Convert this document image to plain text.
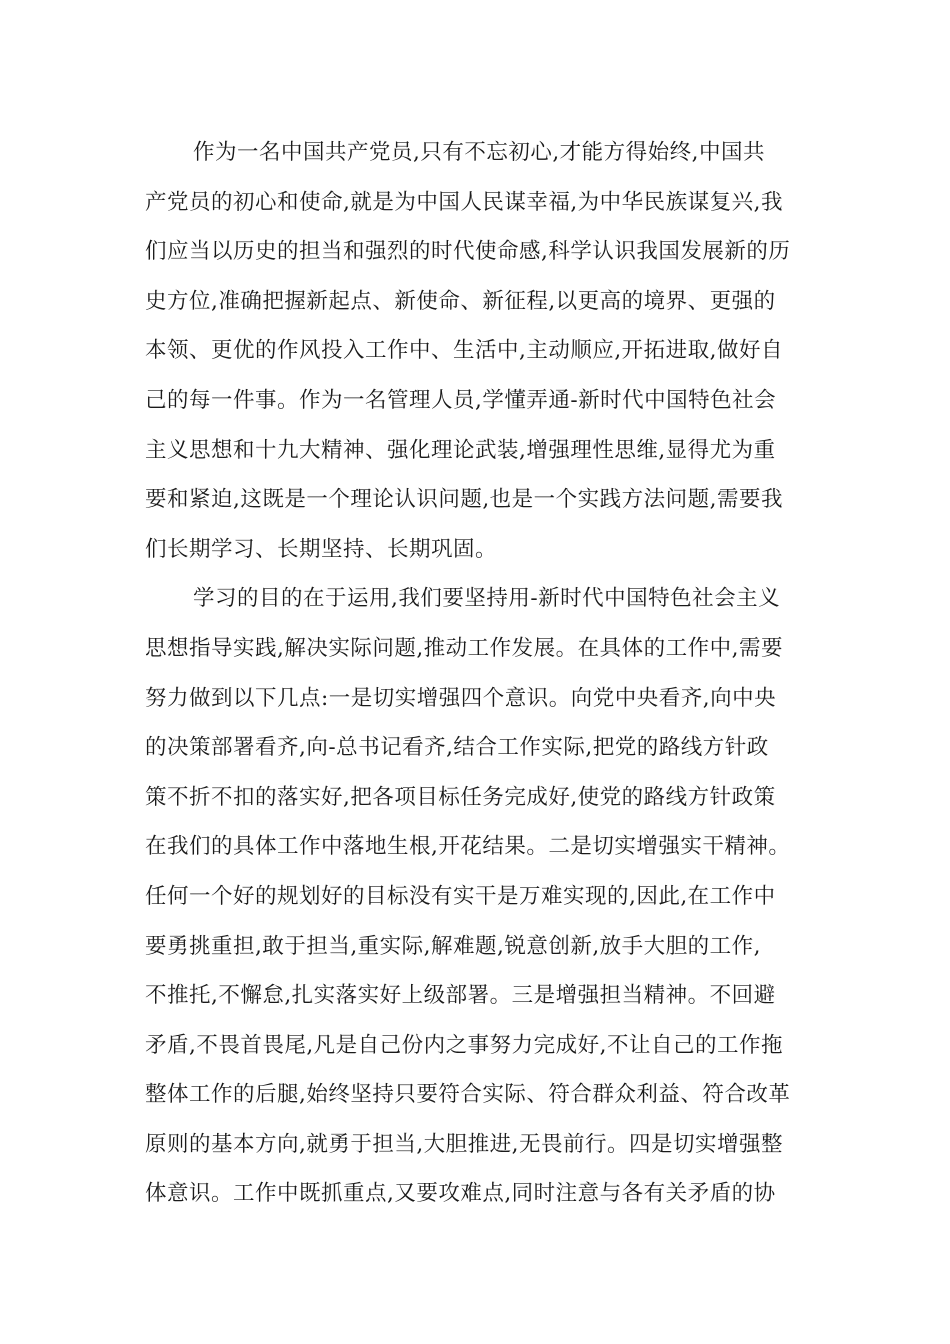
作为一名中国共产党员,只有不忘初心,才能方得始终,中国共
产党员的初心和使命,就是为中国人民谋幸福,为中华民族谋复兴,我
们应当以历史的担当和强烈的时代使命感,科学认识我国发展新的历
史方位,准确把握新起点、新使命、新征程,以更高的境界、更强的
本领、更优的作风投入工作中、生活中,主动顺应,开拓进取,做好自
己的每一件事。作为一名管理人员,学懂弄通-新时代中国特色社会
主义思想和十九大精神、强化理论武装,增强理性思维,显得尤为重
要和紧迫,这既是一个理论认识问题,也是一个实践方法问题,需要我
们长期学习、长期坚持、长期巩固。
学习的目的在于运用,我们要坚持用-新时代中国特色社会主义
思想指导实践,解决实际问题,推动工作发展。在具体的工作中,需要
努力做到以下几点:一是切实增强四个意识。向党中央看齐,向中央
的决策部署看齐,向-总书记看齐,结合工作实际,把党的路线方针政
策不折不扣的落实好,把各项目标任务完成好,使党的路线方针政策
在我们的具体工作中落地生根,开花结果。二是切实增强实干精神。
任何一个好的规划好的目标没有实干是万难实现的,因此,在工作中
要勇挑重担,敢于担当,重实际,解难题,锐意创新,放手大胆的工作,
不推托,不懈怠,扎实落实好上级部署。三是增强担当精神。不回避
矛盾,不畏首畏尾,凡是自己份内之事努力完成好,不让自己的工作拖
整体工作的后腿,始终坚持只要符合实际、符合群众利益、符合改革
原则的基本方向,就勇于担当,大胆推进,无畏前行。四是切实增强整
体意识。工作中既抓重点,又要攻难点,同时注意与各有关矛盾的协
